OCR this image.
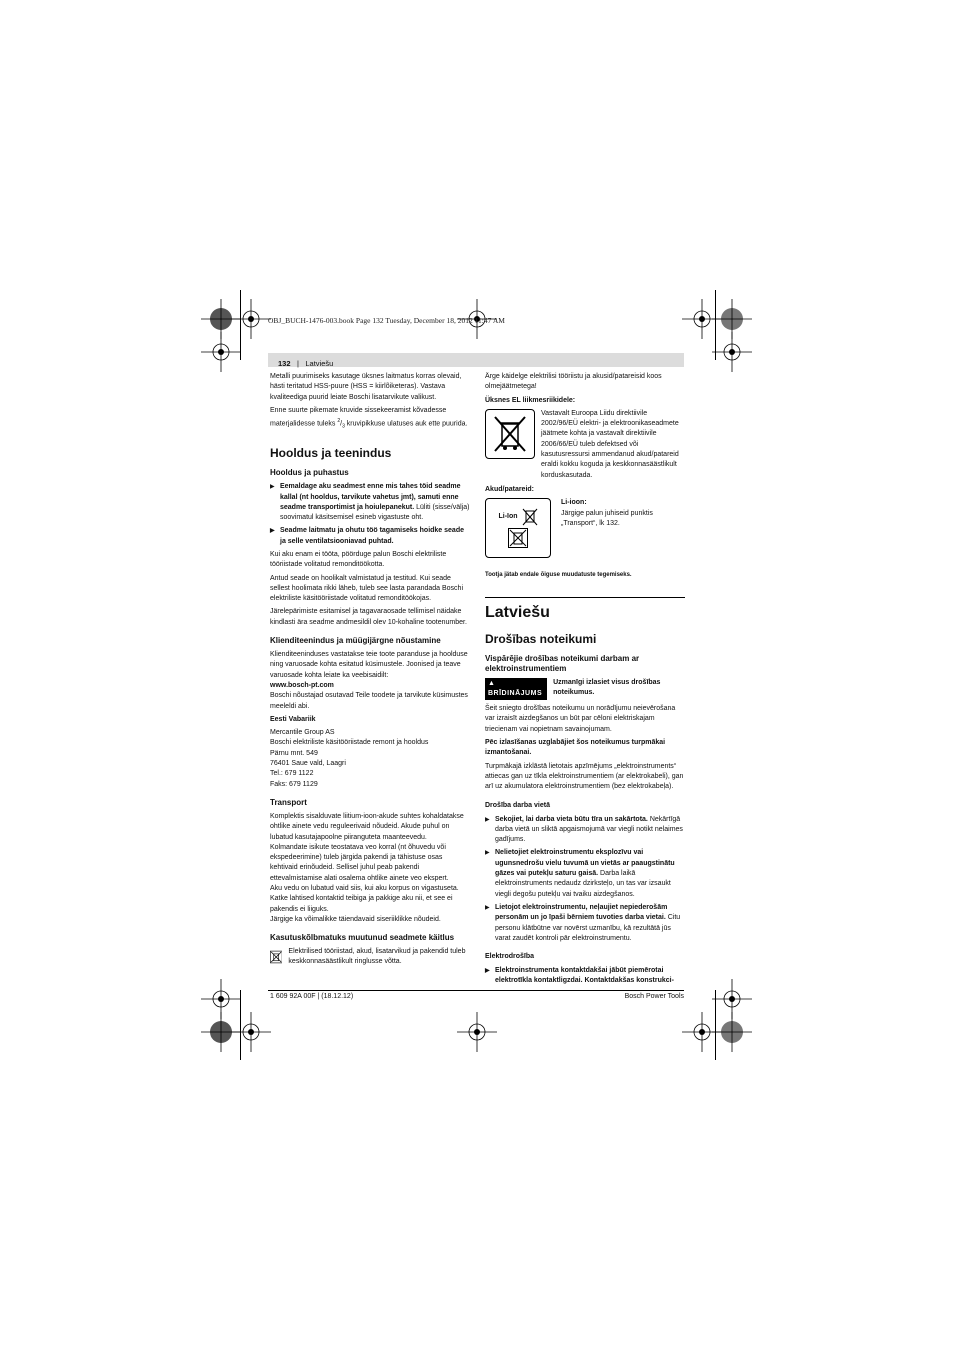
OBJ_BUCH-1476-003.book Page 132 Tuesday, December 18, 2012 11:47 AM
132 | Latviešu

Metalli puurimiseks kasutage üksnes laitmatus korras olevaid, hästi teritatud HSS-puure (HSS = kiirlõiketeras). Vastava kvaliteediga puurid leiate Boschi lisatarvikute valikust.

Enne suurte pikemate kruvide sissekeeramist kõvadesse materjalidesse tuleks $^2/_3$ kruvipikkuse ulatuses auk ette puurida.

Hooldus ja teenindus
Hooldus ja puhastus
▶ Eemaldage aku seadmest enne mis tahes töid seadme kallal (nt hooldus, tarvikute vahetus jmt), samuti enne seadme transportimist ja hoiulepanekut. Lüliti (sisse/välja) soovimatul käsitsemisel esineb vigastuste oht.
▶ Seadme laitmatu ja ohutu töö tagamiseks hoidke seade ja selle ventilatsiooniavad puhtad.

Kui aku enam ei tööta, pöörduge palun Boschi elektriliste tööriistade volitatud remonditöökotta.

Antud seade on hoolikalt valmistatud ja testitud. Kui seade sellest hoolimata rikki läheb, tuleb see lasta parandada Boschi elektriliste käsitööriistade volitatud remonditöökojas.

Järelepärimiste esitamisel ja tagavaraosade tellimisel näidake kindlasti ära seadme andmesildil olev 10-kohaline tootenumber.

Klienditeenindus ja müügijärgne nõustamine

Klienditeeninduses vastatakse teie toote paranduse ja hoolduse ning varuosade kohta esitatud küsimustele. Joonised ja teave varuosade kohta leiate ka veebisaidilt:

www.bosch-pt.com

Boschi nõustajad osutavad Teile toodete ja tarvikute küsimustes meeleldi abi.

Eesti Vabariik

Mercantile Group AS
Boschi elektriliste käsitööriistade remont ja hooldus
Pärnu mnt. 549
76401 Saue vald, Laagri
Tel.: 679 1122
Faks: 679 1129
Transport

Komplektis sisalduvate liitium-ioon-akude suhtes kohaldatakse ohtlike ainete vedu reguleerivaid nõudeid. Akude puhul on lubatud kasutajapoolne piiranguteta maanteevedu.

Kolmandate isikute teostatava veo korral (nt õhuvedu või ekspedeerimine) tuleb järgida pakendi ja tähistuse osas kehtivaid erinõudeid. Sellisel juhul peab pakendi ettevalmistamise alati osalema ohtlike ainete veo ekspert.

Aku vedu on lubatud vaid siis, kui aku korpus on vigastuseta. Katke lahtised kontaktid teibiga ja pakkige aku nii, et see ei pakendis ei liiguks.

Järgige ka võimalikke täiendavaid siseriiklikke nõudeid.

Kasutuskõlbmatuks muutunud seadmete käitlus
Elektrilised tööriistad, akud, lisatarvikud ja pakendid tuleb keskkonnasäästlikult ringlusse võtta.

Ärge käidelge elektrilisi tööriistu ja akusid/patareisid koos olmejäätmetega!

Üksnes EL liikmesriikidele:

Vastavalt Euroopa Liidu direktiivile 2002/96/EÜ elektri- ja elektroonikaseadmete jäätmete kohta ja vastavalt direktiivile 2006/66/EÜ tuleb defektsed või kasutusressursi ammendanud akud/patareid eraldi kokku koguda ja keskkonnasäästlikult korduskasutada.

Akud/patareid:

Li-Ion
Li-ioon:
Järgige palun juhiseid punktis „Transport“, lk 132.

Tootja jätab endale õiguse muudatuste tegemiseks.

Latviešu
Drošības noteikumi
Vispārējie drošības noteikumi darbam ar elektroinstrumentiem
▲ BRĪDINĀJUMS
Uzmanīgi izlasiet visus drošības noteikumus.

Šeit sniegto drošības noteikumu un norādījumu neievērošana var izraisīt aizdegšanos un būt par cēloni elektriskajam triecienam vai nopietnam savainojumam.

Pēc izlasīšanas uzglabājiet šos noteikumus turpmākai izmantošanai.

Turpmākajā izklāstā lietotais apzīmējums „elektroinstruments“ attiecas gan uz tīkla elektroinstrumentiem (ar elektrokabeli), gan arī uz akumulatora elektroinstrumentiem (bez elektrokabeļa).

Drošība darba vietā
▶ Sekojiet, lai darba vieta būtu tīra un sakārtota. Nekārtīgā darba vietā un sliktā apgaismojumā var viegli notikt nelaimes gadījums.
▶ Nelietojiet elektroinstrumentu eksplozīvu vai ugunsnedrošu vielu tuvumā un vietās ar paaugstinātu gāzes vai putekļu saturu gaisā. Darba laikā elektroinstruments nedaudz dzirksteļo, un tas var izsaukt viegli degošu putekļu vai tvaiku aizdegšanos.
▶ Lietojot elektroinstrumentu, neļaujiet nepiederošām personām un jo īpaši bērniem tuvoties darba vietai. Citu personu klātbūtne var novērst uzmanību, kā rezultātā jūs varat zaudēt kontroli pār elektroinstrumentu.
Elektrodrošība
▶ Elektroinstrumenta kontaktdakšai jābūt piemērotai elektrotīkla kontaktligzdai. Kontaktdakšas konstrukci-
1 609 92A 00F | (18.12.12)	Bosch Power Tools
